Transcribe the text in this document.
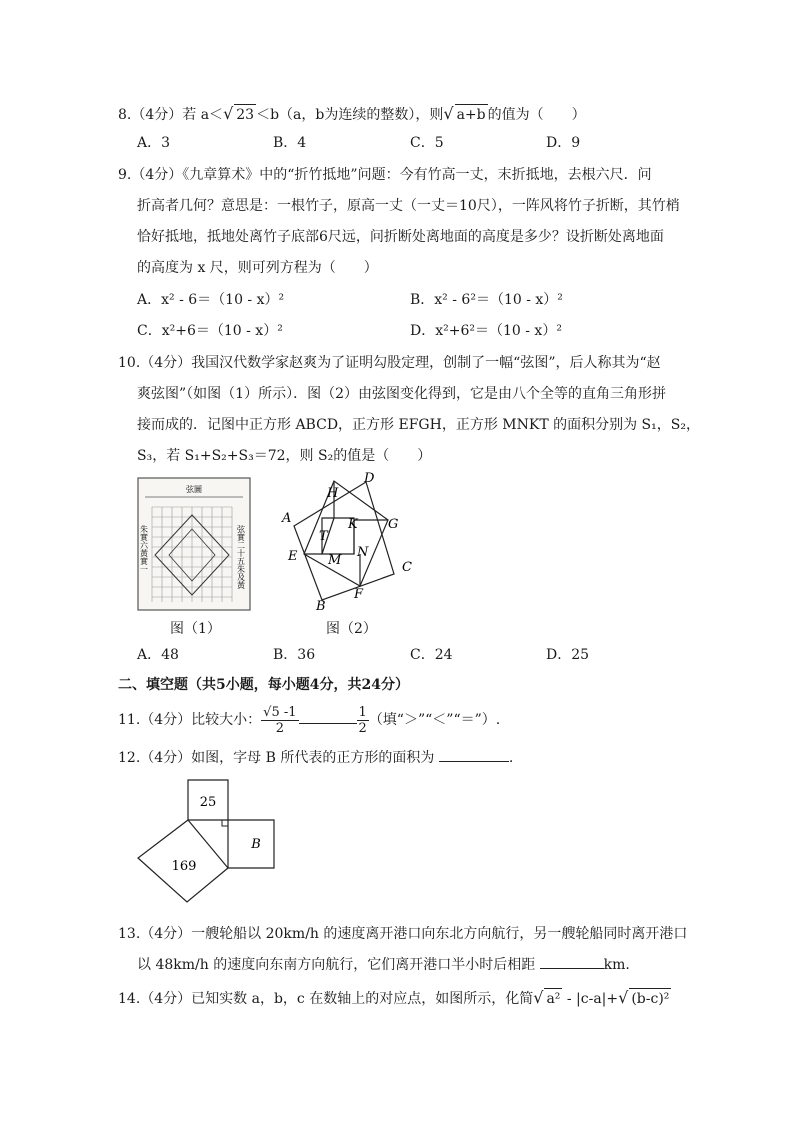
8.（4分）若 a＜√ 23 ＜b（a，b为连续的整数），则√ a+b 的值为（　　）
A．3	B．4	C．5	D．9
9.（4分）《九章算术》中的“折竹抵地”问题：今有竹高一丈，末折抵地，去根六尺．问
折高者几何？意思是：一根竹子，原高一丈（一丈＝10尺），一阵风将竹子折断，其竹梢
恰好抵地，抵地处离竹子底部6尺远，问折断处离地面的高度是多少？设折断处离地面
的高度为 x 尺，则可列方程为（　　）
A．x² - 6＝（10 - x）²	B．x² - 6²＝（10 - x）²
C．x²+6＝（10 - x）²	D．x²+6²＝（10 - x）²
10.（4分）我国汉代数学家赵爽为了证明勾股定理，创制了一幅“弦图”，后人称其为“赵
爽弦图”（如图（1）所示）．图（2）由弦图变化得到，它是由八个全等的直角三角形拼
接而成的．记图中正方形 ABCD，正方形 EFGH，正方形 MNKT 的面积分别为 S₁，S₂，
S₃，若 S₁+S₂+S₃＝72，则 S₂的值是（　　）
弦圖
朱實六黃實一	弦實二十五朱及黃
图（1）
A
B
C
D
E
F
G
H
K
M
N
T
图（2）
A．48	B．36	C．24	D．25
二、填空题（共5小题，每小题4分，共24分）
11.（4分）比较大小： $\frac{√5 -1}{2}$	$\frac{1}{2}$ （填“＞”“＜”“＝”）.
12.（4分）如图，字母 B 所代表的正方形的面积为	.
25
169
B
13.（4分）一艘轮船以 20km/h 的速度离开港口向东北方向航行，另一艘轮船同时离开港口
以 48km/h 的速度向东南方向航行，它们离开港口半小时后相距	km.
14.（4分）已知实数 a，b，c 在数轴上的对应点，如图所示，化简√ a² - |c-a|+√ (b-c)²
